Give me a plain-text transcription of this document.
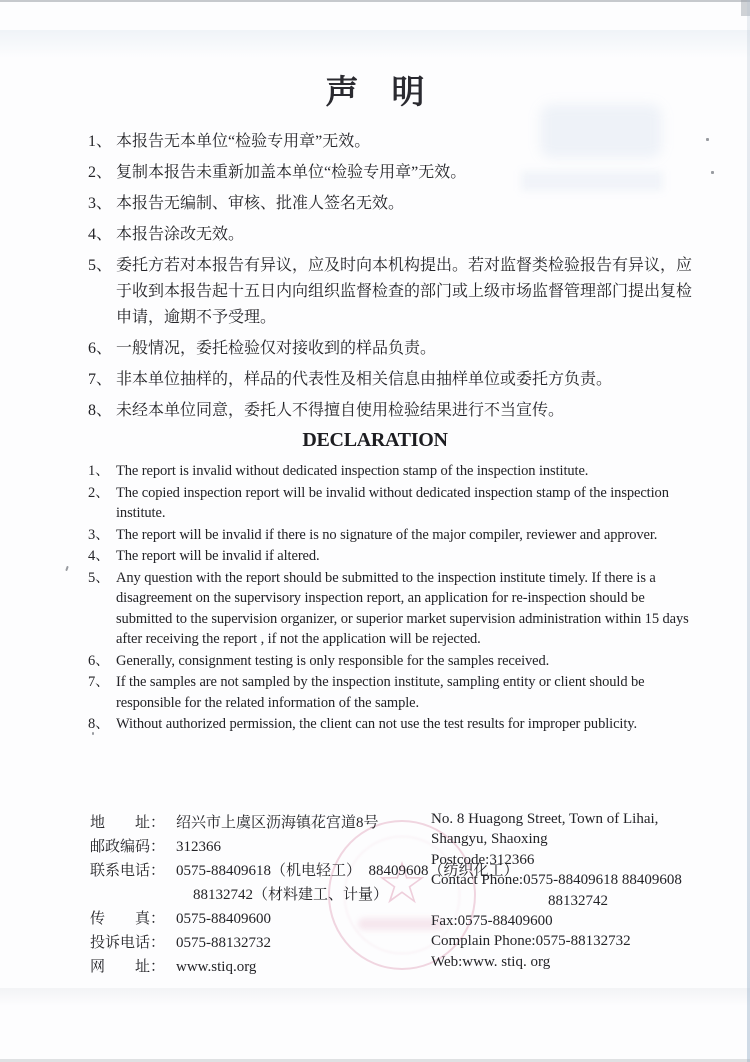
☆
声　明
1、 本报告无本单位“检验专用章”无效。
2、 复制本报告未重新加盖本单位“检验专用章”无效。
3、 本报告无编制、审核、批准人签名无效。
4、 本报告涂改无效。
5、 委托方若对本报告有异议，应及时向本机构提出。若对监督类检验报告有异议，应于收到本报告起十五日内向组织监督检查的部门或上级市场监督管理部门提出复检申请，逾期不予受理。
6、 一般情况，委托检验仅对接收到的样品负责。
7、 非本单位抽样的，样品的代表性及相关信息由抽样单位或委托方负责。
8、 未经本单位同意，委托人不得擅自使用检验结果进行不当宣传。
DECLARATION
1、 The report is invalid without dedicated inspection stamp of the inspection institute.
2、 The copied inspection report will be invalid without dedicated inspection stamp of the inspection institute.
3、 The report will be invalid if there is no signature of the major compiler, reviewer and approver.
4、 The report will be invalid if altered.
5、 Any question with the report should be submitted to the inspection institute timely. If there is a disagreement on the supervisory inspection report, an application for re-inspection should be submitted to the supervision organizer, or superior market supervision administration within 15 days after receiving the report , if not the application will be rejected.
6、 Generally, consignment testing is only responsible for the samples received.
7、 If the samples are not sampled by the inspection institute, sampling entity or client should be responsible for the related information of the sample.
8、 Without authorized permission, the client can not use the test results for improper publicity.
地　　址： 绍兴市上虞区沥海镇花宫道8号
邮政编码： 312366
联系电话： 0575-88409618（机电轻工）　88409608（纺织化工）
88132742（材料建工、计量）
传　　真： 0575-88409600
投诉电话： 0575-88132732
网　　址： www.stiq.org
No. 8 Huagong Street, Town of Lihai,
Shangyu, Shaoxing
Postcode:312366
Contact Phone:0575-88409618 88409608
88132742
Fax:0575-88409600
Complain Phone:0575-88132732
Web:www. stiq. org
